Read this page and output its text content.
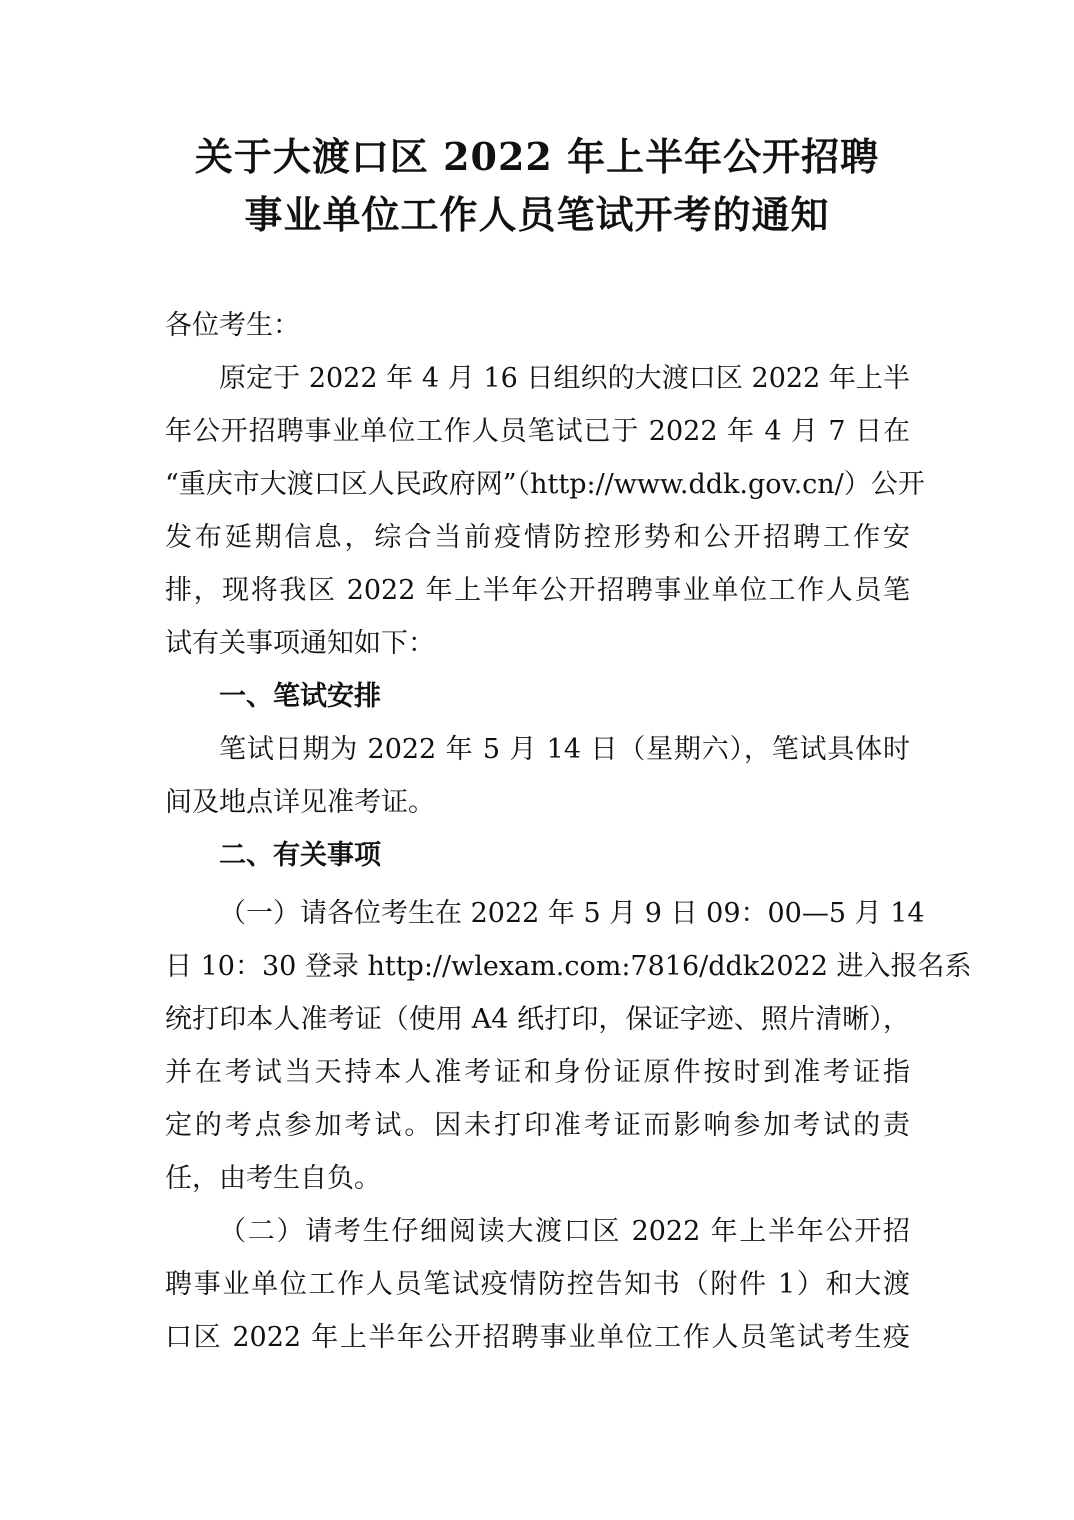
关于大渡口区 2022 年上半年公开招聘
事业单位工作人员笔试开考的通知
各位考生：
原定于 2022 年 4 月 16 日组织的大渡口区 2022 年上半
年公开招聘事业单位工作人员笔试已于 2022 年 4 月 7 日在
“重庆市大渡口区人民政府网”（http://www.ddk.gov.cn/）公开
发布延期信息，综合当前疫情防控形势和公开招聘工作安
排，现将我区 2022 年上半年公开招聘事业单位工作人员笔
试有关事项通知如下：
一、笔试安排
笔试日期为 2022 年 5 月 14 日（星期六），笔试具体时
间及地点详见准考证。
二、有关事项
（一）请各位考生在 2022 年 5 月 9 日 09：00—5 月 14
日 10：30 登录 http://wlexam.com:7816/ddk2022 进入报名系
统打印本人准考证（使用 A4 纸打印，保证字迹、照片清晰），
并在考试当天持本人准考证和身份证原件按时到准考证指
定的考点参加考试。因未打印准考证而影响参加考试的责
任，由考生自负。
（二）请考生仔细阅读大渡口区 2022 年上半年公开招
聘事业单位工作人员笔试疫情防控告知书（附件 1）和大渡
口区 2022 年上半年公开招聘事业单位工作人员笔试考生疫
